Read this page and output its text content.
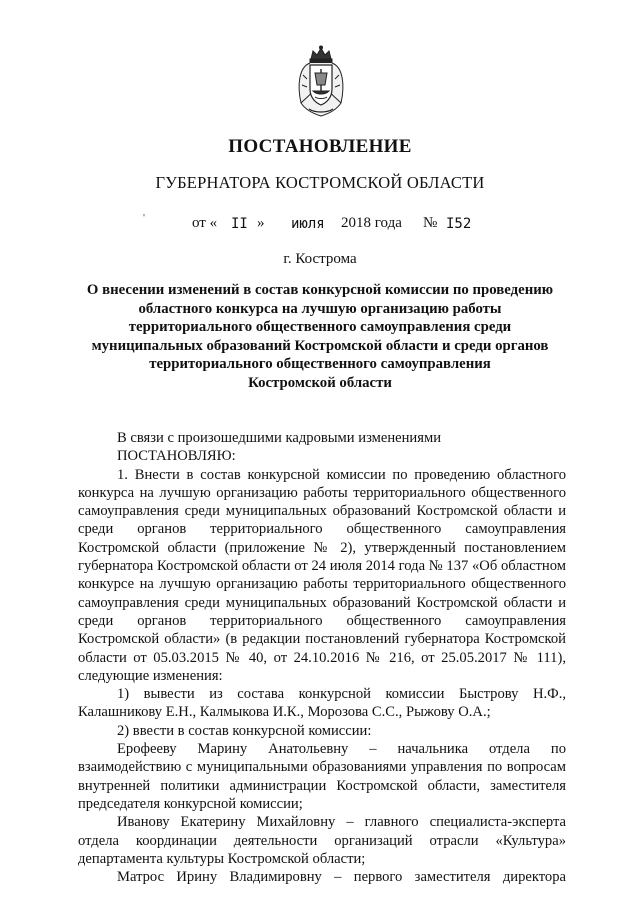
ПОСТАНОВЛЕНИЕ
ГУБЕРНАТОРА КОСТРОМСКОЙ ОБЛАСТИ
'	от « II » июля 2018 года № I52
г. Кострома
О внесении изменений в состав конкурсной комиссии по проведению
областного конкурса на лучшую организацию работы
территориального общественного самоуправления среди
муниципальных образований Костромской области и среди органов
территориального общественного самоуправления
Костромской области

В связи с произошедшими кадровыми изменениями

ПОСТАНОВЛЯЮ:

1. Внести в состав конкурсной комиссии по проведению областного конкурса на лучшую организацию работы территориального общественного самоуправления среди муниципальных образований Костромской области и среди органов территориального общественного самоуправления Костромской области (приложение № 2), утвержденный постановлением губернатора Костромской области от 24 июля 2014 года № 137 «Об областном конкурсе на лучшую организацию работы территориального общественного самоуправления среди муниципальных образований Костромской области и среди органов территориального общественного самоуправления Костромской области» (в редакции постановлений губернатора Костромской области от 05.03.2015 № 40, от 24.10.2016 № 216, от 25.05.2017 № 111), следующие изменения:

1) вывести из состава конкурсной комиссии Быстрову Н.Ф., Калашникову Е.Н., Калмыкова И.К., Морозова С.С., Рыжову О.А.;

2) ввести в состав конкурсной комиссии:

Ерофееву Марину Анатольевну – начальника отдела по взаимодействию с муниципальными образованиями управления по вопросам внутренней политики администрации Костромской области, заместителя председателя конкурсной комиссии;

Иванову Екатерину Михайловну – главного специалиста-эксперта отдела координации деятельности организаций отрасли «Культура» департамента культуры Костромской области;

Матрос Ирину Владимировну – первого заместителя директора
